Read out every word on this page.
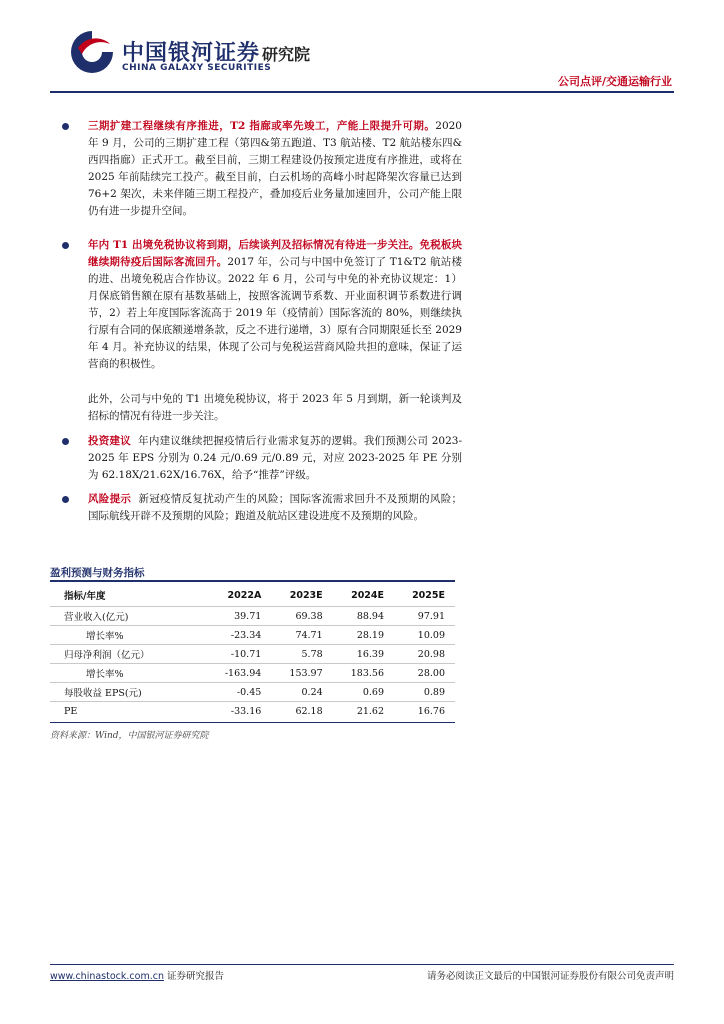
中国银河证券
CHINA GALAXY SECURITIES
研究院
公司点评/交通运输行业
三期扩建工程继续有序推进，T2 指廊或率先竣工，产能上限提升可期。2020 年 9 月，公司的三期扩建工程（第四&第五跑道、T3 航站楼、T2 航站楼东四&西四指廊）正式开工。截至目前，三期工程建设仍按预定进度有序推进，或将在 2025 年前陆续完工投产。截至目前，白云机场的高峰小时起降架次容量已达到 76+2 架次，未来伴随三期工程投产，叠加疫后业务量加速回升，公司产能上限仍有进一步提升空间。
年内 T1 出境免税协议将到期，后续谈判及招标情况有待进一步关注。免税板块继续期待疫后国际客流回升。2017 年，公司与中国中免签订了 T1&T2 航站楼的进、出境免税店合作协议。2022 年 6 月，公司与中免的补充协议规定：1）月保底销售额在原有基数基础上，按照客流调节系数、开业面积调节系数进行调节，2）若上年度国际客流高于 2019 年（疫情前）国际客流的 80%，则继续执行原有合同的保底额递增条款，反之不进行递增，3）原有合同期限延长至 2029 年 4 月。补充协议的结果，体现了公司与免税运营商风险共担的意味，保证了运营商的积极性。
此外，公司与中免的 T1 出境免税协议，将于 2023 年 5 月到期，新一轮谈判及招标的情况有待进一步关注。
投资建议 年内建议继续把握疫情后行业需求复苏的逻辑。我们预测公司 2023-2025 年 EPS 分别为 0.24 元/0.69 元/0.89 元，对应 2023-2025 年 PE 分别为 62.18X/21.62X/16.76X，给予“推荐”评级。
风险提示 新冠疫情反复扰动产生的风险；国际客流需求回升不及预期的风险；国际航线开辟不及预期的风险；跑道及航站区建设进度不及预期的风险。
盈利预测与财务指标
指标/年度	2022A	2023E	2024E	2025E
营业收入(亿元)	39.71	69.38	88.94	97.91
增长率%	-23.34	74.71	28.19	10.09
归母净利润（亿元）	-10.71	5.78	16.39	20.98
增长率%	-163.94	153.97	183.56	28.00
每股收益 EPS(元)	-0.45	0.24	0.69	0.89
PE	-33.16	62.18	21.62	16.76
资料来源：Wind，中国银河证券研究院
www.chinastock.com.cn 证券研究报告	请务必阅读正文最后的中国银河证券股份有限公司免责声明
